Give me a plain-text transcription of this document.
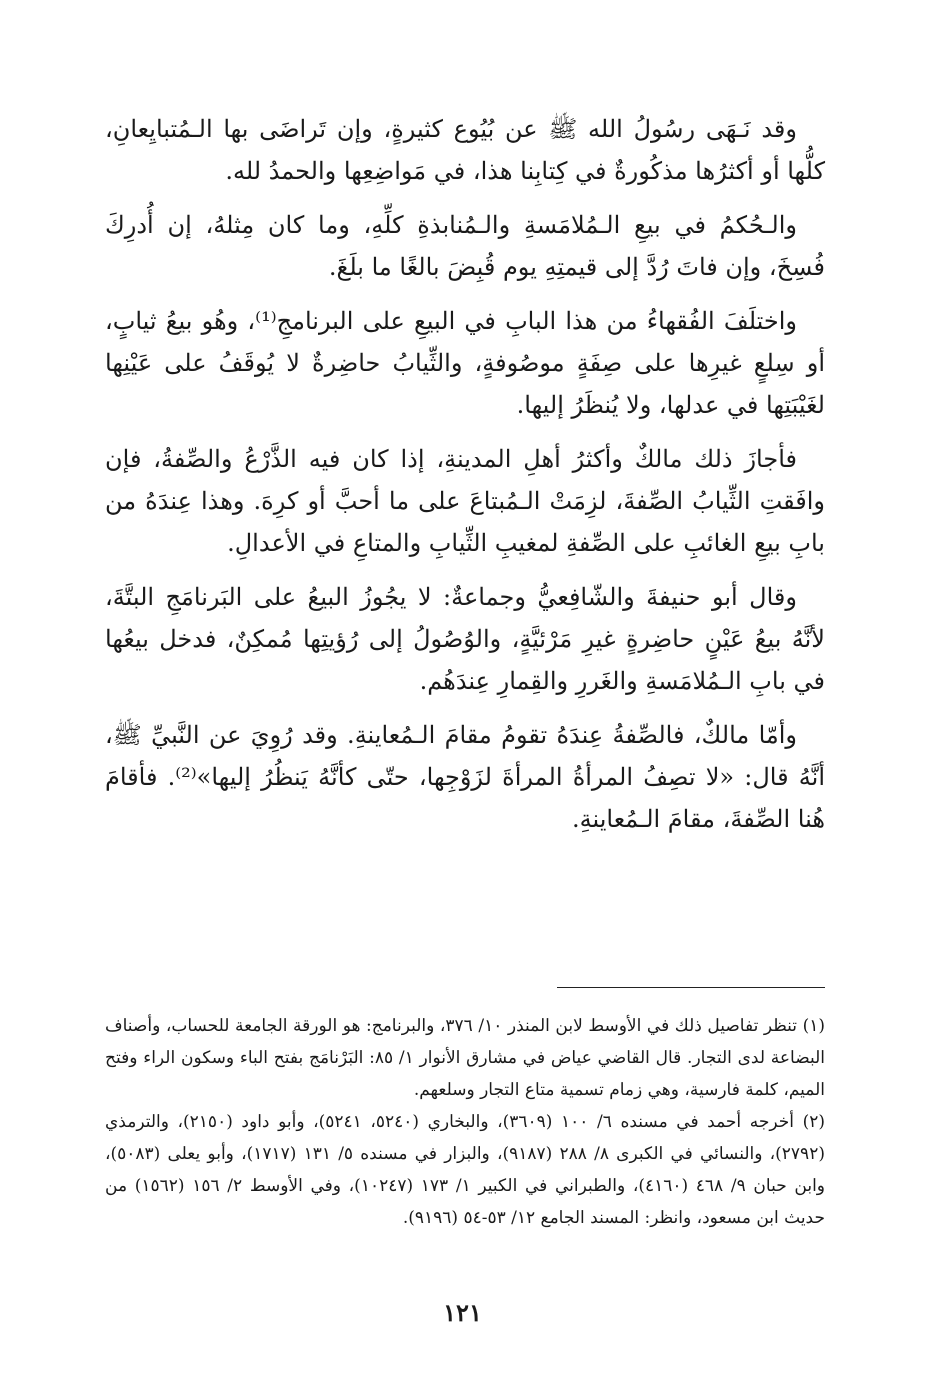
وقد نَـهَى رسُولُ الله ﷺ عن بُيُوع كثيرةٍ، وإن تَراضَى بها الـمُتبايِعانِ، كلُّها أو أكثرُها مذكُورةٌ في كِتابِنا هذا، في مَواضِعِها والحمدُ لله.

والـحُكمُ في بيعِ الـمُلامَسةِ والـمُنابذةِ كلِّهِ، وما كان مِثلهُ، إن أُدرِكَ فُسِخَ، وإن فاتَ رُدَّ إلى قيمتِهِ يوم قُبِضَ بالغًا ما بلَغَ.

واختلَفَ الفُقهاءُ من هذا البابِ في البيعِ على البرنامجِ⁽¹⁾، وهُو بيعُ ثيابٍ، أو سِلعٍ غيرِها على صِفَةٍ موصُوفةٍ، والثِّيابُ حاضِرةٌ لا يُوقَفُ على عَيْنِها لغَيْبَتِها في عدلها، ولا يُنظَرُ إليها.

فأجازَ ذلك مالكٌ وأكثرُ أهلِ المدينةِ، إذا كان فيه الذَّرْعُ والصِّفةُ، فإن وافَقتِ الثِّيابُ الصِّفةَ، لزِمَتْ الـمُبتاعَ على ما أحبَّ أو كرِهَ. وهذا عِندَهُ من بابِ بيعِ الغائبِ على الصِّفةِ لمغيبِ الثِّيابِ والمتاعِ في الأعدالِ.

وقال أبو حنيفةَ والشّافِعيُّ وجماعةٌ: لا يجُوزُ البيعُ على البَرنامَجِ البتَّةَ، لأنَّهُ بيعُ عَيْنٍ حاضِرةٍ غيرِ مَرْئيَّةٍ، والوُصُولُ إلى رُؤيتِها مُمكِنٌ، فدخل بيعُها في بابِ الـمُلامَسةِ والغَررِ والقِمارِ عِندَهُم.

وأمّا مالكٌ، فالصِّفةُ عِندَهُ تقومُ مقامَ الـمُعاينةِ. وقد رُوِيَ عن النَّبيِّ ﷺ، أنَّهُ قال: «لا تصِفُ المرأةُ المرأةَ لزَوْجِها، حتّى كأنَّهُ يَنظُرُ إليها»⁽²⁾. فأقامَ هُنا الصِّفةَ، مقامَ الـمُعاينةِ.

(١) تنظر تفاصيل ذلك في الأوسط لابن المنذر ١٠/ ٣٧٦، والبرنامج: هو الورقة الجامعة للحساب، وأصناف البضاعة لدى التجار. قال القاضي عياض في مشارق الأنوار ١/ ٨٥: البَرْنامَج بفتح الباء وسكون الراء وفتح الميم، كلمة فارسية، وهي زمام تسمية متاع التجار وسلعهم.

(٢) أخرجه أحمد في مسنده ٦/ ١٠٠ (٣٦٠٩)، والبخاري (٥٢٤٠، ٥٢٤١)، وأبو داود (٢١٥٠)، والترمذي (٢٧٩٢)، والنسائي في الكبرى ٨/ ٢٨٨ (٩١٨٧)، والبزار في مسنده ٥/ ١٣١ (١٧١٧)، وأبو يعلى (٥٠٨٣)، وابن حبان ٩/ ٤٦٨ (٤١٦٠)، والطبراني في الكبير ١/ ١٧٣ (١٠٢٤٧)، وفي الأوسط ٢/ ١٥٦ (١٥٦٢) من حديث ابن مسعود، وانظر: المسند الجامع ١٢/ ٥٣-٥٤ (٩١٩٦).

١٢١
